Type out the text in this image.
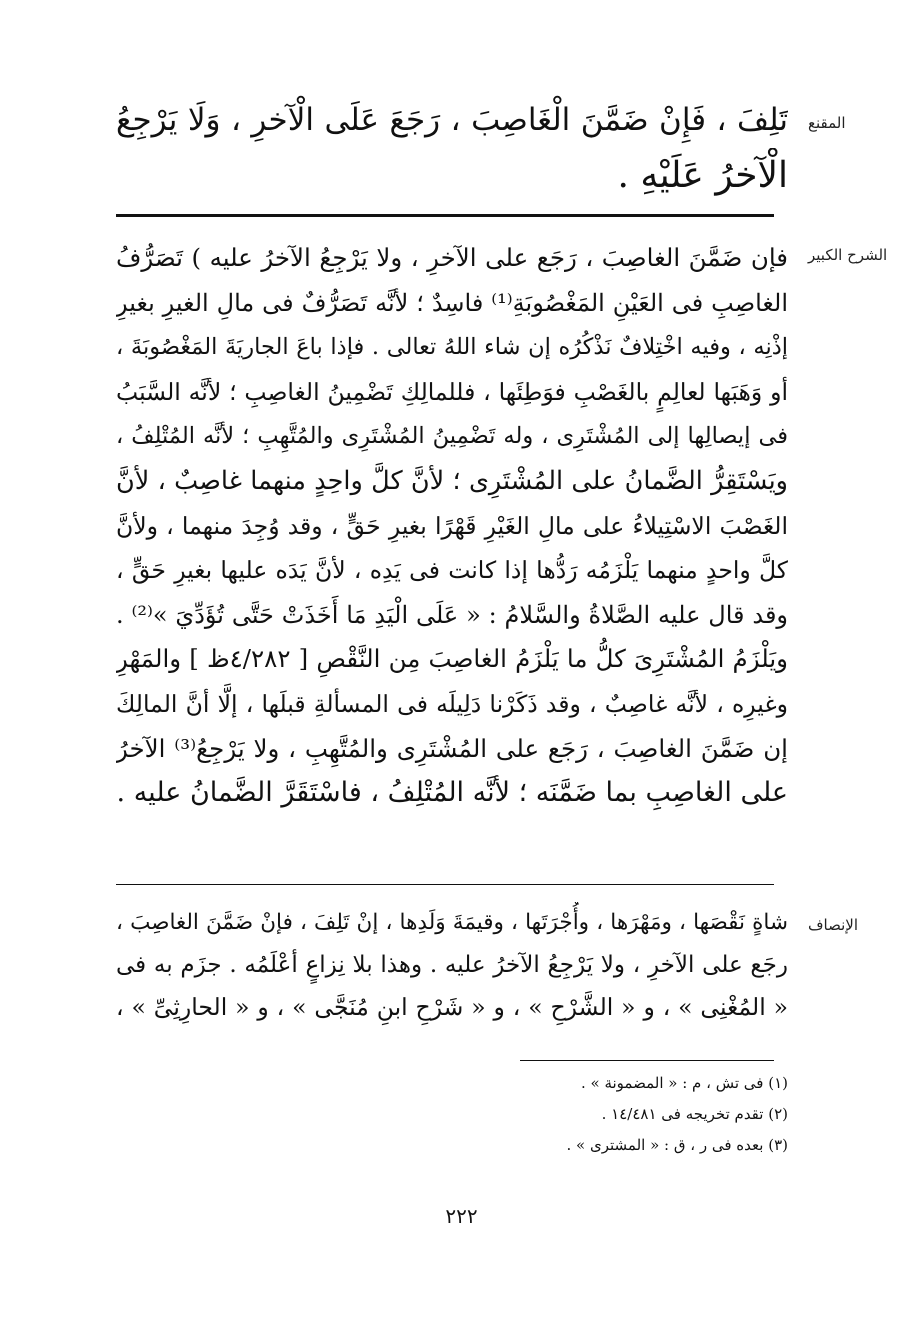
المقنع
تَلِفَ ، فَإِنْ ضَمَّنَ الْغَاصِبَ ، رَجَعَ عَلَى الْآخرِ ، وَلَا يَرْجِعُ
الْآخرُ عَلَيْهِ .
الشرح الكبير
فإن ضَمَّنَ الغاصِبَ ، رَجَع على الآخرِ ، ولا يَرْجِعُ الآخرُ عليه ) تَصَرُّفُ
الغاصِبِ فى العَيْنِ المَغْصُوبَةِ⁽¹⁾ فاسِدٌ ؛ لأنَّه تَصَرُّفٌ فى مالِ الغيرِ بغيرِ
إذْنِه ، وفيه اخْتِلافٌ نَذْكُرُه إن شاء اللهُ تعالى . فإذا باعَ الجاريَةَ المَغْصُوبَةَ ،
أو وَهَبَها لعالِمٍ بالغَصْبِ فوَطِئَها ، فللمالِكِ تَضْمِينُ الغاصِبِ ؛ لأنَّه السَّبَبُ
فى إيصالِها إلى المُشْتَرِى ، وله تَضْمِينُ المُشْتَرِى والمُتَّهِبِ ؛ لأنَّه المُتْلِفُ ،
ويَسْتَقِرُّ الضَّمانُ على المُشْتَرِى ؛ لأنَّ كلَّ واحِدٍ منهما غاصِبٌ ، لأنَّ
الغَصْبَ الاسْتِيلاءُ على مالِ الغَيْرِ قَهْرًا بغيرِ حَقٍّ ، وقد وُجِدَ منهما ، ولأنَّ
كلَّ واحدٍ منهما يَلْزَمُه رَدُّها إذا كانت فى يَدِه ، لأنَّ يَدَه عليها بغيرِ حَقٍّ ،
وقد قال عليه الصَّلاةُ والسَّلامُ : « عَلَى الْيَدِ مَا أَخَذَتْ حَتَّى تُؤَدِّيَ »⁽²⁾ .
ويَلْزَمُ المُشْتَرِىَ كلُّ ما يَلْزَمُ الغاصِبَ مِن النَّقْصِ [ ٤/٢٨٢ظ ] والمَهْرِ
وغيرِه ، لأنَّه غاصِبٌ ، وقد ذَكَرْنا دَلِيلَه فى المسألةِ قبلَها ، إلَّا أنَّ المالِكَ
إن ضَمَّنَ الغاصِبَ ، رَجَع على المُشْتَرِى والمُتَّهِبِ ، ولا يَرْجِعُ⁽³⁾ الآخرُ
على الغاصِبِ بما ضَمَّنَه ؛ لأنَّه المُتْلِفُ ، فاسْتَقَرَّ الضَّمانُ عليه .
الإنصاف
شاةٍ نَقْصَها ، ومَهْرَها ، وأُجْرَتَها ، وقيمَةَ وَلَدِها ، إنْ تَلِفَ ، فإنْ ضَمَّنَ الغاصِبَ ،
رجَع على الآخرِ ، ولا يَرْجِعُ الآخرُ عليه . وهذا بلا نِزاعٍ أعْلَمُه . جزَم به فى
« المُغْنِى » ، و « الشَّرْحِ » ، و « شَرْحِ ابنِ مُنَجَّى » ، و « الحارِثِىِّ » ،
(١) فى تش ، م : « المضمونة » .
(٢) تقدم تخريجه فى ١٤/٤٨١ .
(٣) بعده فى ر ، ق : « المشترى » .
٢٢٢
